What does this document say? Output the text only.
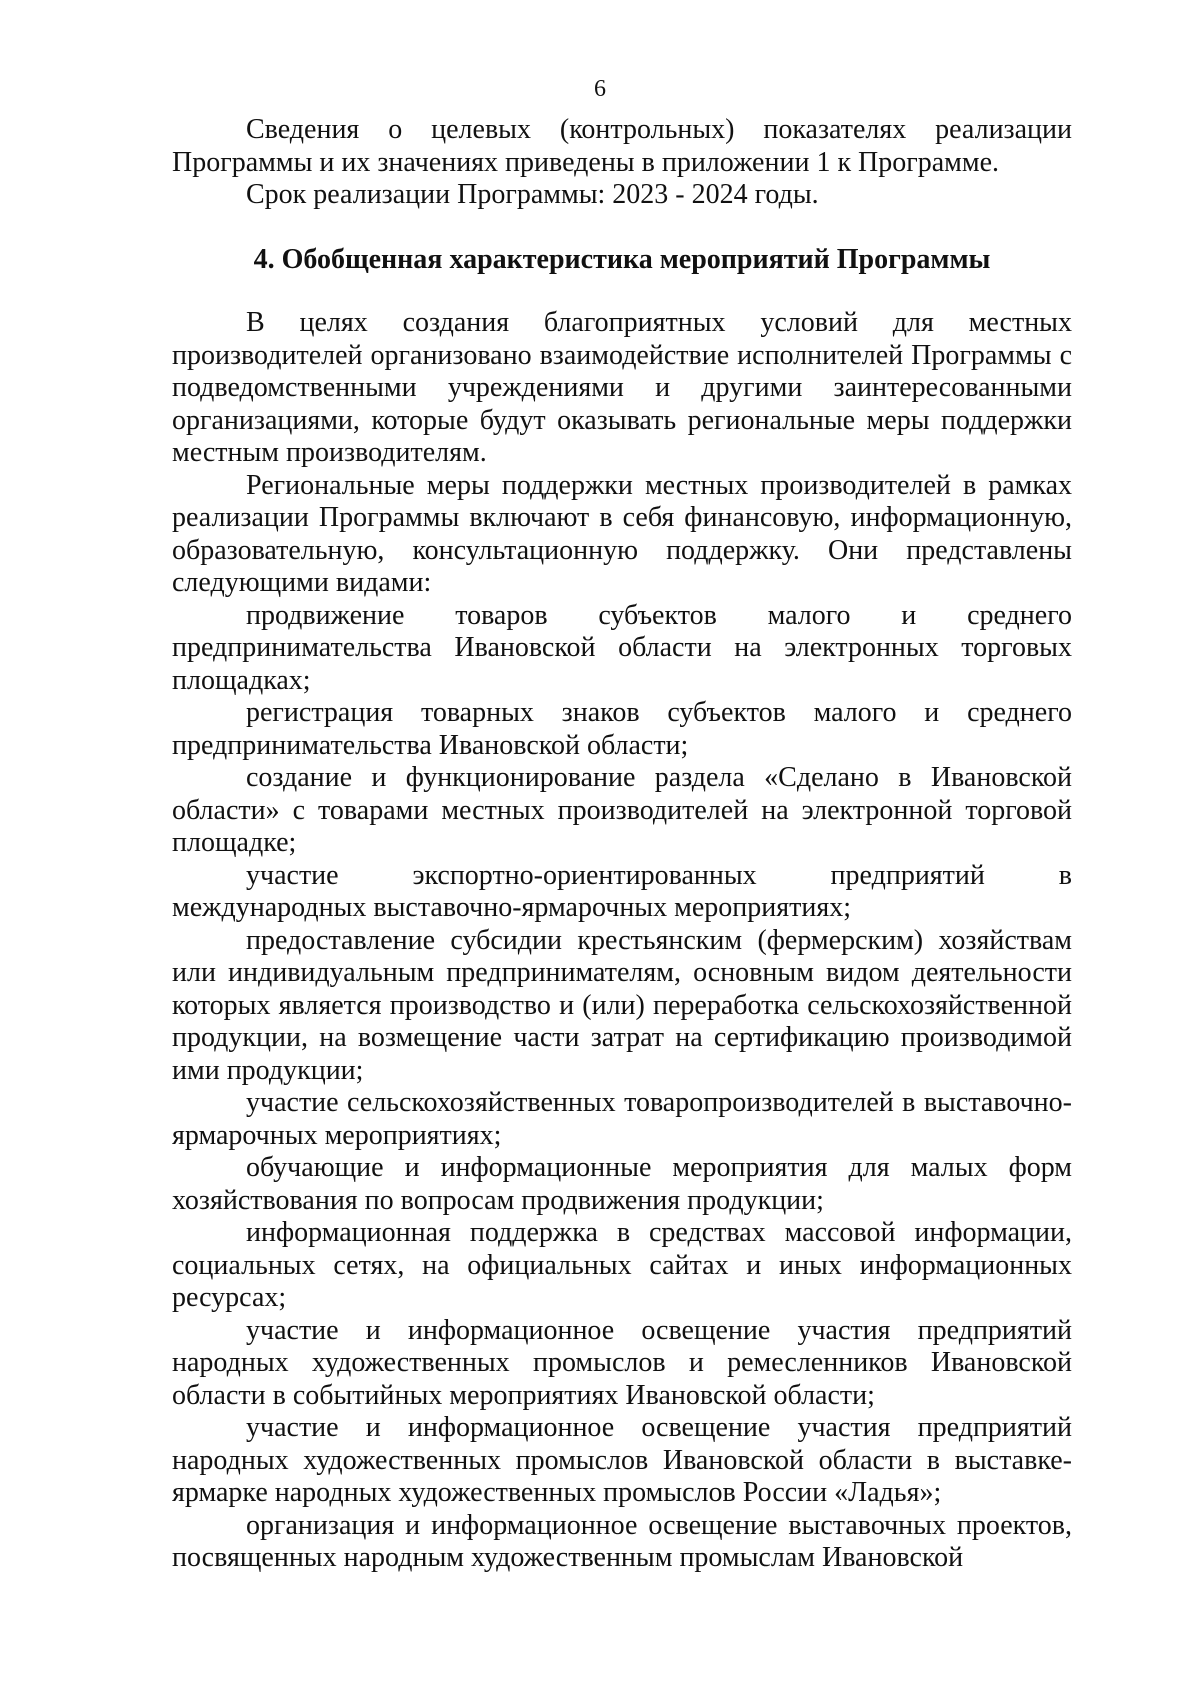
6

Сведения о целевых (контрольных) показателях реализации Программы и их значениях приведены в приложении 1 к Программе.

Срок реализации Программы: 2023 - 2024 годы.

4. Обобщенная характеристика мероприятий Программы

В целях создания благоприятных условий для местных производителей организовано взаимодействие исполнителей Программы с подведомственными учреждениями и другими заинтересованными организациями, которые будут оказывать региональные меры поддержки местным производителям.

Региональные меры поддержки местных производителей в рамках реализации Программы включают в себя финансовую, информационную, образовательную, консультационную поддержку. Они представлены следующими видами:

продвижение товаров субъектов малого и среднего предпринимательства Ивановской области на электронных торговых площадках;

регистрация товарных знаков субъектов малого и среднего предпринимательства Ивановской области;

создание и функционирование раздела «Сделано в Ивановской области» с товарами местных производителей на электронной торговой площадке;

участие экспортно-ориентированных предприятий в международных выставочно-ярмарочных мероприятиях;

предоставление субсидии крестьянским (фермерским) хозяйствам или индивидуальным предпринимателям, основным видом деятельности которых является производство и (или) переработка сельскохозяйственной продукции, на возмещение части затрат на сертификацию производимой ими продукции;

участие сельскохозяйственных товаропроизводителей в выставочно-ярмарочных мероприятиях;

обучающие и информационные мероприятия для малых форм хозяйствования по вопросам продвижения продукции;

информационная поддержка в средствах массовой информации, социальных сетях, на официальных сайтах и иных информационных ресурсах;

участие и информационное освещение участия предприятий народных художественных промыслов и ремесленников Ивановской области в событийных мероприятиях Ивановской области;

участие и информационное освещение участия предприятий народных художественных промыслов Ивановской области в выставке-ярмарке народных художественных промыслов России «Ладья»;

организация и информационное освещение выставочных проектов, посвященных народным художественным промыслам Ивановской
